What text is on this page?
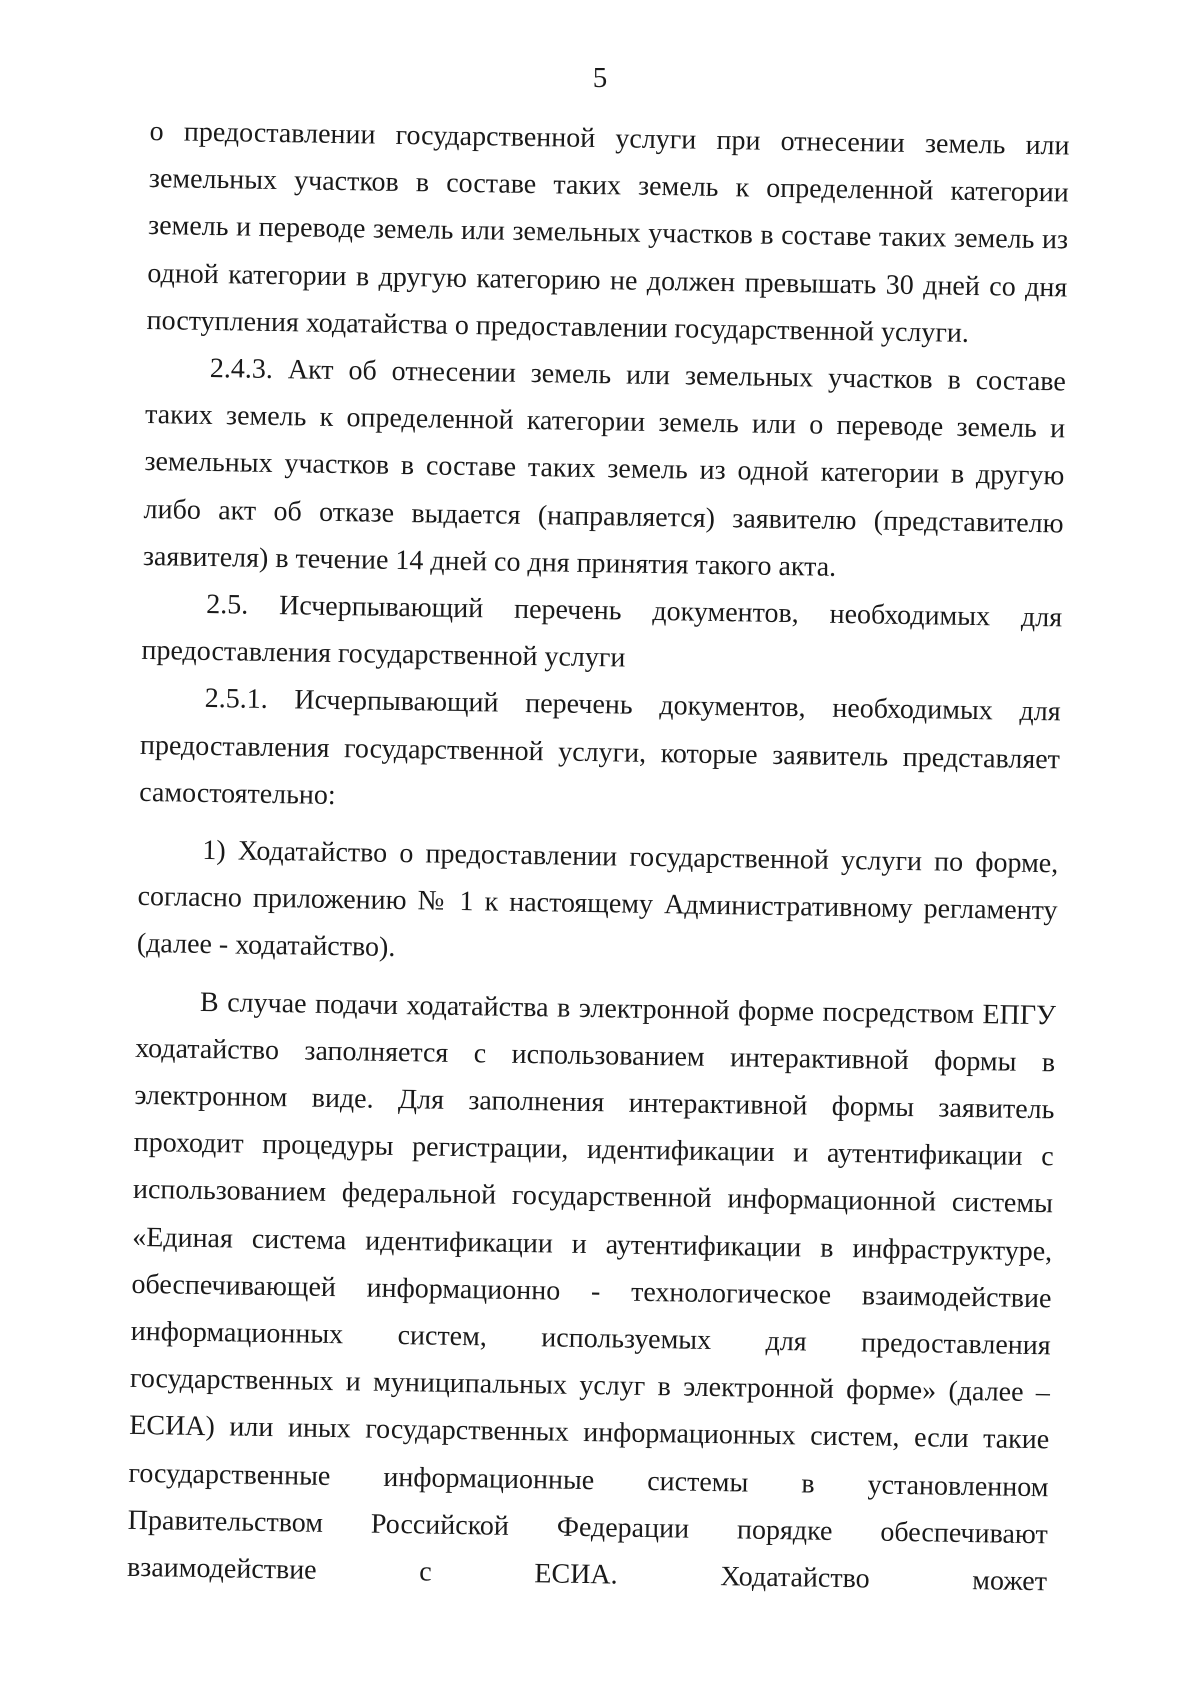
5

о предоставлении государственной услуги при отнесении земель или земельных участков в составе таких земель к определенной категории земель и переводе земель или земельных участков в составе таких земель из одной категории в другую категорию не должен превышать 30 дней со дня поступления ходатайства о предоставлении государственной услуги.

2.4.3. Акт об отнесении земель или земельных участков в составе таких земель к определенной категории земель или о переводе земель и земельных участков в составе таких земель из одной категории в другую либо акт об отказе выдается (направляется) заявителю (представителю заявителя) в течение 14 дней со дня принятия такого акта.

2.5. Исчерпывающий перечень документов, необходимых для предоставления государственной услуги

2.5.1. Исчерпывающий перечень документов, необходимых для предоставления государственной услуги, которые заявитель представляет самостоятельно:

1) Ходатайство о предоставлении государственной услуги по форме, согласно приложению № 1 к настоящему Административному регламенту (далее - ходатайство).

В случае подачи ходатайства в электронной форме посредством ЕПГУ ходатайство заполняется с использованием интерактивной формы в электронном виде. Для заполнения интерактивной формы заявитель проходит процедуры регистрации, идентификации и аутентификации с использованием федеральной государственной информационной системы «Единая система идентификации и аутентификации в инфраструктуре, обеспечивающей информационно - технологическое взаимодействие информационных систем, используемых для предоставления государственных и муниципальных услуг в электронной форме» (далее – ЕСИА) или иных государственных информационных систем, если такие государственные информационные системы в установленном Правительством Российской Федерации порядке обеспечивают взаимодействие с ЕСИА. Ходатайство может
